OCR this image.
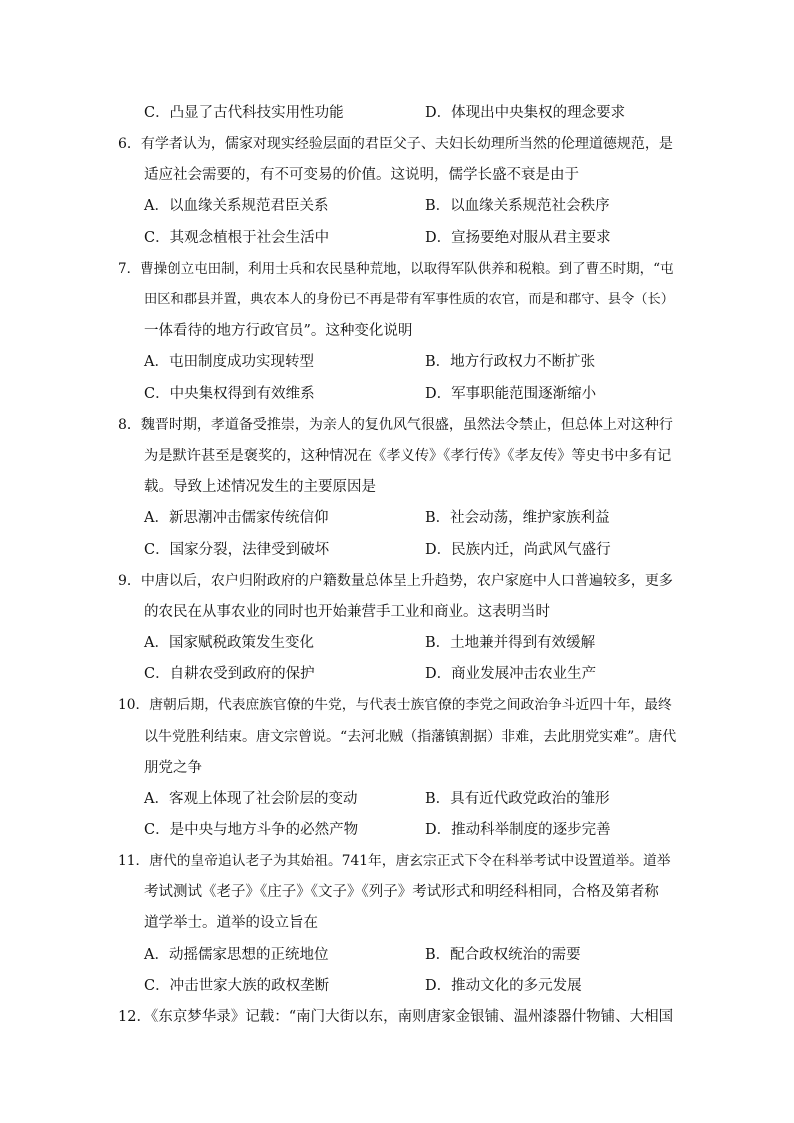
C．凸显了古代科技实用性功能	D．体现出中央集权的理念要求
6．有学者认为，儒家对现实经验层面的君臣父子、夫妇长幼理所当然的伦理道德规范，是
适应社会需要的，有不可变易的价值。这说明，儒学长盛不衰是由于
A．以血缘关系规范君臣关系	B．以血缘关系规范社会秩序
C．其观念植根于社会生活中	D．宣扬要绝对服从君主要求
7．曹操创立屯田制，利用士兵和农民垦种荒地，以取得军队供养和税粮。到了曹丕时期，“屯
田区和郡县并置，典农本人的身份已不再是带有军事性质的农官，而是和郡守、县令（长）
一体看待的地方行政官员”。这种变化说明
A．屯田制度成功实现转型	B．地方行政权力不断扩张
C．中央集权得到有效维系	D．军事职能范围逐渐缩小
8．魏晋时期，孝道备受推崇，为亲人的复仇风气很盛，虽然法令禁止，但总体上对这种行
为是默许甚至是褒奖的，这种情况在《孝义传》《孝行传》《孝友传》等史书中多有记
载。导致上述情况发生的主要原因是
A．新思潮冲击儒家传统信仰	B．社会动荡，维护家族利益
C．国家分裂，法律受到破坏	D．民族内迁，尚武风气盛行
9．中唐以后，农户归附政府的户籍数量总体呈上升趋势，农户家庭中人口普遍较多，更多
的农民在从事农业的同时也开始兼营手工业和商业。这表明当时
A．国家赋税政策发生变化	B．土地兼并得到有效缓解
C．自耕农受到政府的保护	D．商业发展冲击农业生产
10．唐朝后期，代表庶族官僚的牛党，与代表士族官僚的李党之间政治争斗近四十年，最终
以牛党胜利结束。唐文宗曾说。“去河北贼（指藩镇割据）非难，去此朋党实难”。唐代
朋党之争
A．客观上体现了社会阶层的变动	B．具有近代政党政治的雏形
C．是中央与地方斗争的必然产物	D．推动科举制度的逐步完善
11．唐代的皇帝追认老子为其始祖。741年，唐玄宗正式下令在科举考试中设置道举。道举
考试测试《老子》《庄子》《文子》《列子》考试形式和明经科相同，合格及第者称
道学举士。道举的设立旨在
A．动摇儒家思想的正统地位	B．配合政权统治的需要
C．冲击世家大族的政权垄断	D．推动文化的多元发展
12．《东京梦华录》记载：“南门大街以东，南则唐家金银铺、温州漆器什物铺、大相国
